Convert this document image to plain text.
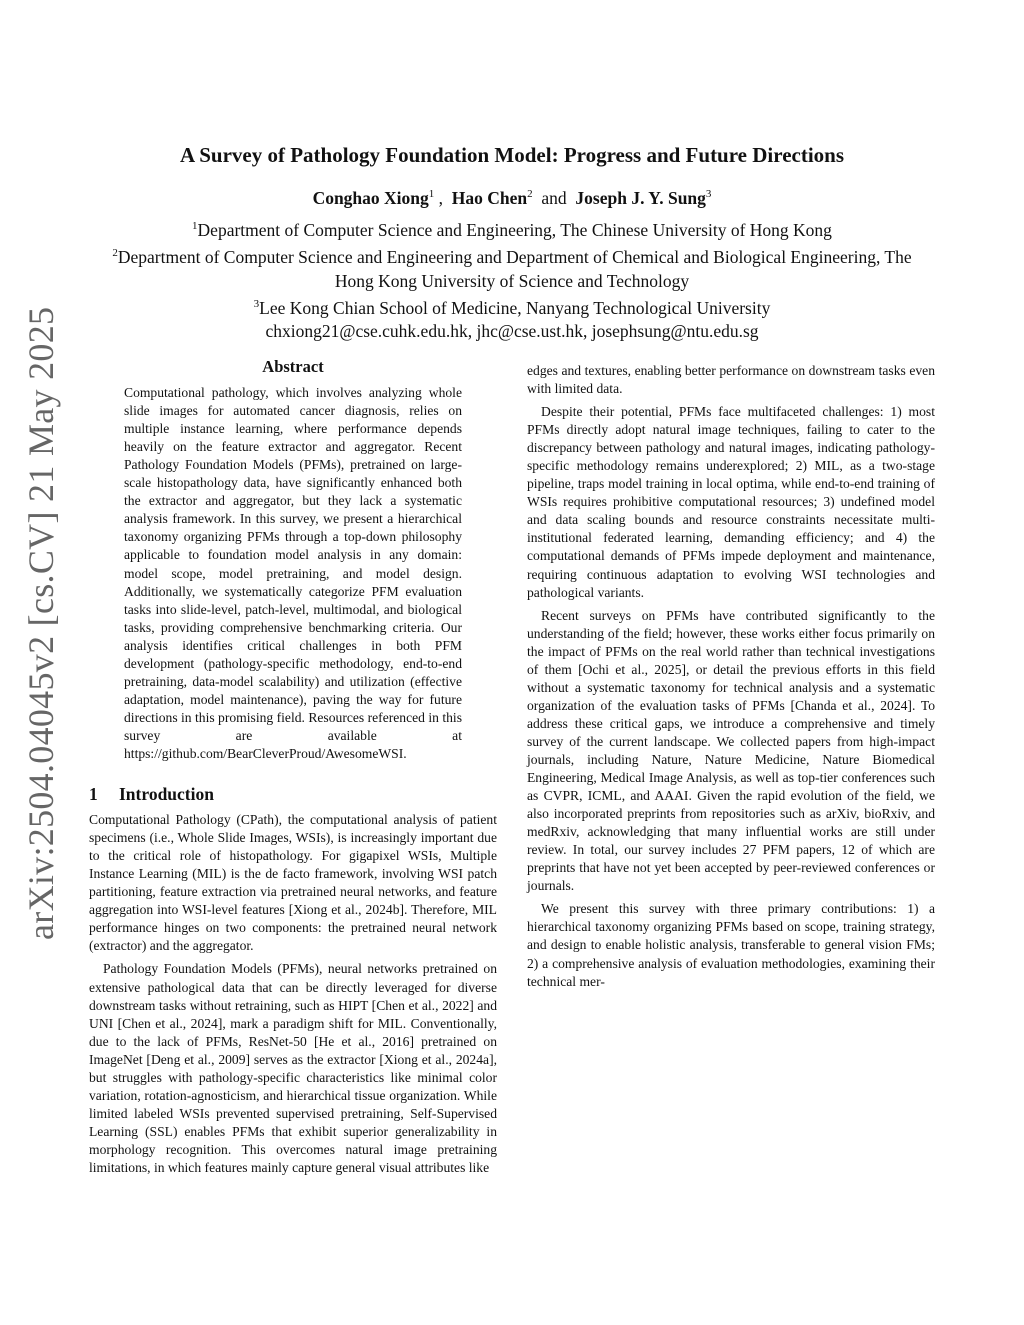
arXiv:2504.04045v2 [cs.CV] 21 May 2025
A Survey of Pathology Foundation Model: Progress and Future Directions
Conghao Xiong$^1$ , Hao Chen$^2$ and Joseph J. Y. Sung$^3$
$^1$Department of Computer Science and Engineering, The Chinese University of Hong Kong
$^2$Department of Computer Science and Engineering and Department of Chemical and Biological Engineering, The Hong Kong University of Science and Technology
$^3$Lee Kong Chian School of Medicine, Nanyang Technological University
chxiong21@cse.cuhk.edu.hk, jhc@cse.ust.hk, josephsung@ntu.edu.sg
Abstract

Computational pathology, which involves analyzing whole slide images for automated cancer diagnosis, relies on multiple instance learning, where performance depends heavily on the feature extractor and aggregator. Recent Pathology Foundation Models (PFMs), pretrained on large-scale histopathology data, have significantly enhanced both the extractor and aggregator, but they lack a systematic analysis framework. In this survey, we present a hierarchical taxonomy organizing PFMs through a top-down philosophy applicable to foundation model analysis in any domain: model scope, model pretraining, and model design. Additionally, we systematically categorize PFM evaluation tasks into slide-level, patch-level, multimodal, and biological tasks, providing comprehensive benchmarking criteria. Our analysis identifies critical challenges in both PFM development (pathology-specific methodology, end-to-end pretraining, data-model scalability) and utilization (effective adaptation, model maintenance), paving the way for future directions in this promising field. Resources referenced in this survey are available at https://github.com/BearCleverProud/AwesomeWSI.

1 Introduction

Computational Pathology (CPath), the computational analysis of patient specimens (i.e., Whole Slide Images, WSIs), is increasingly important due to the critical role of histopathology. For gigapixel WSIs, Multiple Instance Learning (MIL) is the de facto framework, involving WSI patch partitioning, feature extraction via pretrained neural networks, and feature aggregation into WSI-level features [Xiong et al., 2024b]. Therefore, MIL performance hinges on two components: the pretrained neural network (extractor) and the aggregator.

Pathology Foundation Models (PFMs), neural networks pretrained on extensive pathological data that can be directly leveraged for diverse downstream tasks without retraining, such as HIPT [Chen et al., 2022] and UNI [Chen et al., 2024], mark a paradigm shift for MIL. Conventionally, due to the lack of PFMs, ResNet-50 [He et al., 2016] pretrained on ImageNet [Deng et al., 2009] serves as the extractor [Xiong et al., 2024a], but struggles with pathology-specific characteristics like minimal color variation, rotation-agnosticism, and hierarchical tissue organization. While limited labeled WSIs prevented supervised pretraining, Self-Supervised Learning (SSL) enables PFMs that exhibit superior generalizability in morphology recognition. This overcomes natural image pretraining limitations, in which features mainly capture general visual attributes like

edges and textures, enabling better performance on downstream tasks even with limited data.

Despite their potential, PFMs face multifaceted challenges: 1) most PFMs directly adopt natural image techniques, failing to cater to the discrepancy between pathology and natural images, indicating pathology-specific methodology remains underexplored; 2) MIL, as a two-stage pipeline, traps model training in local optima, while end-to-end training of WSIs requires prohibitive computational resources; 3) undefined model and data scaling bounds and resource constraints necessitate multi-institutional federated learning, demanding efficiency; and 4) the computational demands of PFMs impede deployment and maintenance, requiring continuous adaptation to evolving WSI technologies and pathological variants.

Recent surveys on PFMs have contributed significantly to the understanding of the field; however, these works either focus primarily on the impact of PFMs on the real world rather than technical investigations of them [Ochi et al., 2025], or detail the previous efforts in this field without a systematic taxonomy for technical analysis and a systematic organization of the evaluation tasks of PFMs [Chanda et al., 2024]. To address these critical gaps, we introduce a comprehensive and timely survey of the current landscape. We collected papers from high-impact journals, including Nature, Nature Medicine, Nature Biomedical Engineering, Medical Image Analysis, as well as top-tier conferences such as CVPR, ICML, and AAAI. Given the rapid evolution of the field, we also incorporated preprints from repositories such as arXiv, bioRxiv, and medRxiv, acknowledging that many influential works are still under review. In total, our survey includes 27 PFM papers, 12 of which are preprints that have not yet been accepted by peer-reviewed conferences or journals.

We present this survey with three primary contributions: 1) a hierarchical taxonomy organizing PFMs based on scope, training strategy, and design to enable holistic analysis, transferable to general vision FMs; 2) a comprehensive analysis of evaluation methodologies, examining their technical mer-
